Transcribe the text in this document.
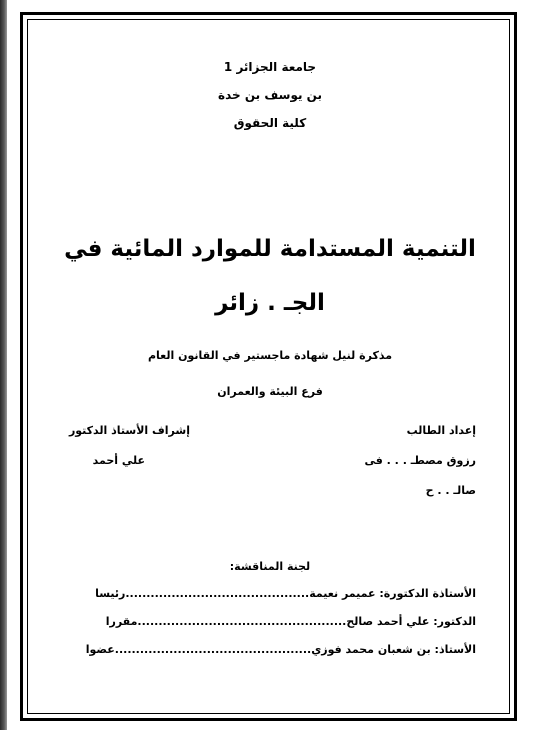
جامعة الجزائر 1
بن يوسف بن خدة
كلية الحقوق
التنمية المستدامة للموارد المائية في
الجـ . زائر
مذكرة لنيل شهادة ماجستير في القانون العام
فرع البيئة والعمران
إعداد الطالب
إشراف الأستاذ الدكتور
رزوق مصطـ . . . فى
علي أحمد
صالـ . . ح
لجنة المناقشة:
الأستاذة الدكتورة: عميمر نعيمة
............................................
رئيسا
الدكتور: علي أحمد صالح
..................................................
مقررا
الأستاذ: بن شعبان محمد فوزي
...............................................
عضوا
